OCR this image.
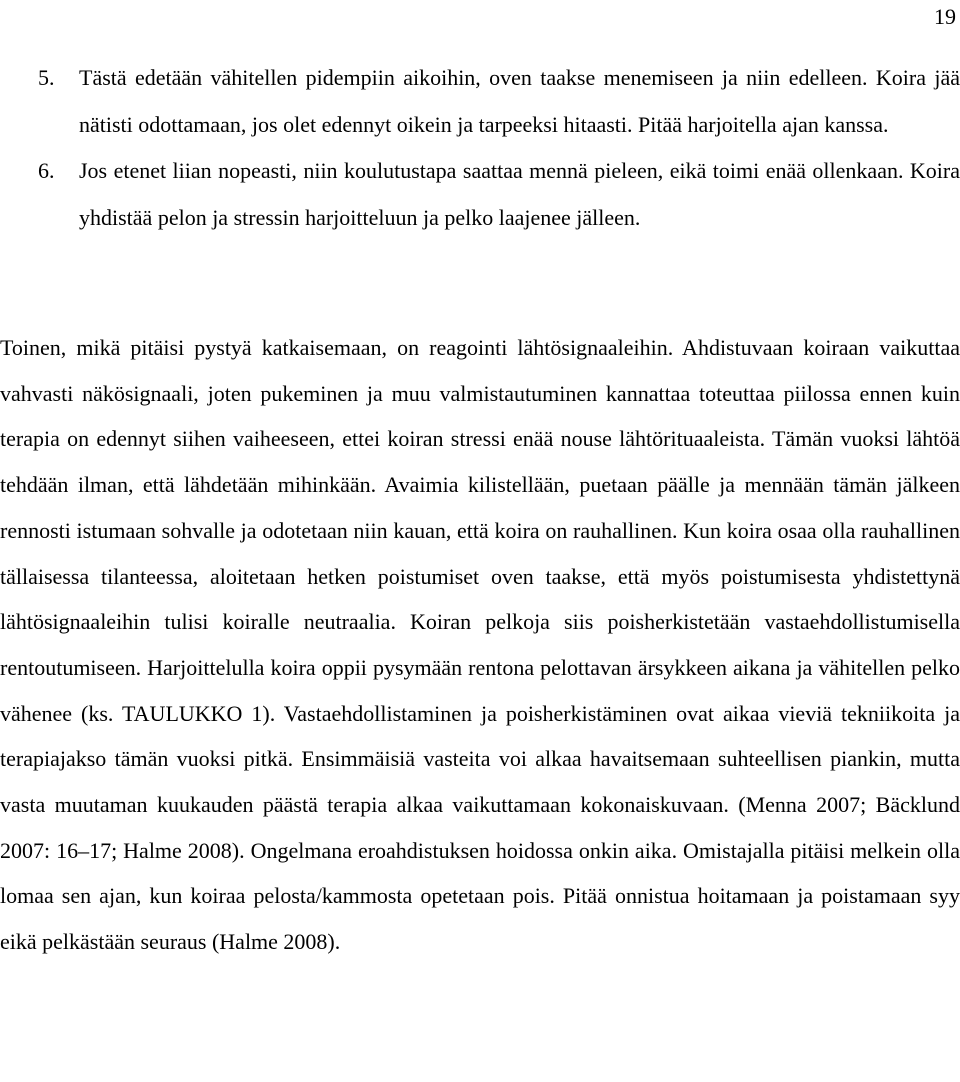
19
5. Tästä edetään vähitellen pidempiin aikoihin, oven taakse menemiseen ja niin edelleen. Koira jää nätisti odottamaan, jos olet edennyt oikein ja tarpeeksi hitaasti. Pitää harjoitella ajan kanssa.
6. Jos etenet liian nopeasti, niin koulutustapa saattaa mennä pieleen, eikä toimi enää ollenkaan. Koira yhdistää pelon ja stressin harjoitteluun ja pelko laajenee jälleen.

Toinen, mikä pitäisi pystyä katkaisemaan, on reagointi lähtösignaaleihin. Ahdistuvaan koiraan vaikuttaa vahvasti näkösignaali, joten pukeminen ja muu valmistautuminen kannattaa toteuttaa piilossa ennen kuin terapia on edennyt siihen vaiheeseen, ettei koiran stressi enää nouse lähtörituaaleista. Tämän vuoksi lähtöä tehdään ilman, että lähdetään mihinkään. Avaimia kilistellään, puetaan päälle ja mennään tämän jälkeen rennosti istumaan sohvalle ja odotetaan niin kauan, että koira on rauhallinen. Kun koira osaa olla rauhallinen tällaisessa tilanteessa, aloitetaan hetken poistumiset oven taakse, että myös poistumisesta yhdistettynä lähtösignaaleihin tulisi koiralle neutraalia. Koiran pelkoja siis poisherkistetään vastaehdollistumisella rentoutumiseen. Harjoittelulla koira oppii pysymään rentona pelottavan ärsykkeen aikana ja vähitellen pelko vähenee (ks. TAULUKKO 1). Vastaehdollistaminen ja poisherkistäminen ovat aikaa vieviä tekniikoita ja terapiajakso tämän vuoksi pitkä. Ensimmäisiä vasteita voi alkaa havaitsemaan suhteellisen piankin, mutta vasta muutaman kuukauden päästä terapia alkaa vaikuttamaan kokonaiskuvaan. (Menna 2007; Bäcklund 2007: 16–17; Halme 2008). Ongelmana eroahdistuksen hoidossa onkin aika. Omistajalla pitäisi melkein olla lomaa sen ajan, kun koiraa pelosta/kammosta opetetaan pois. Pitää onnistua hoitamaan ja poistamaan syy eikä pelkästään seuraus (Halme 2008).
